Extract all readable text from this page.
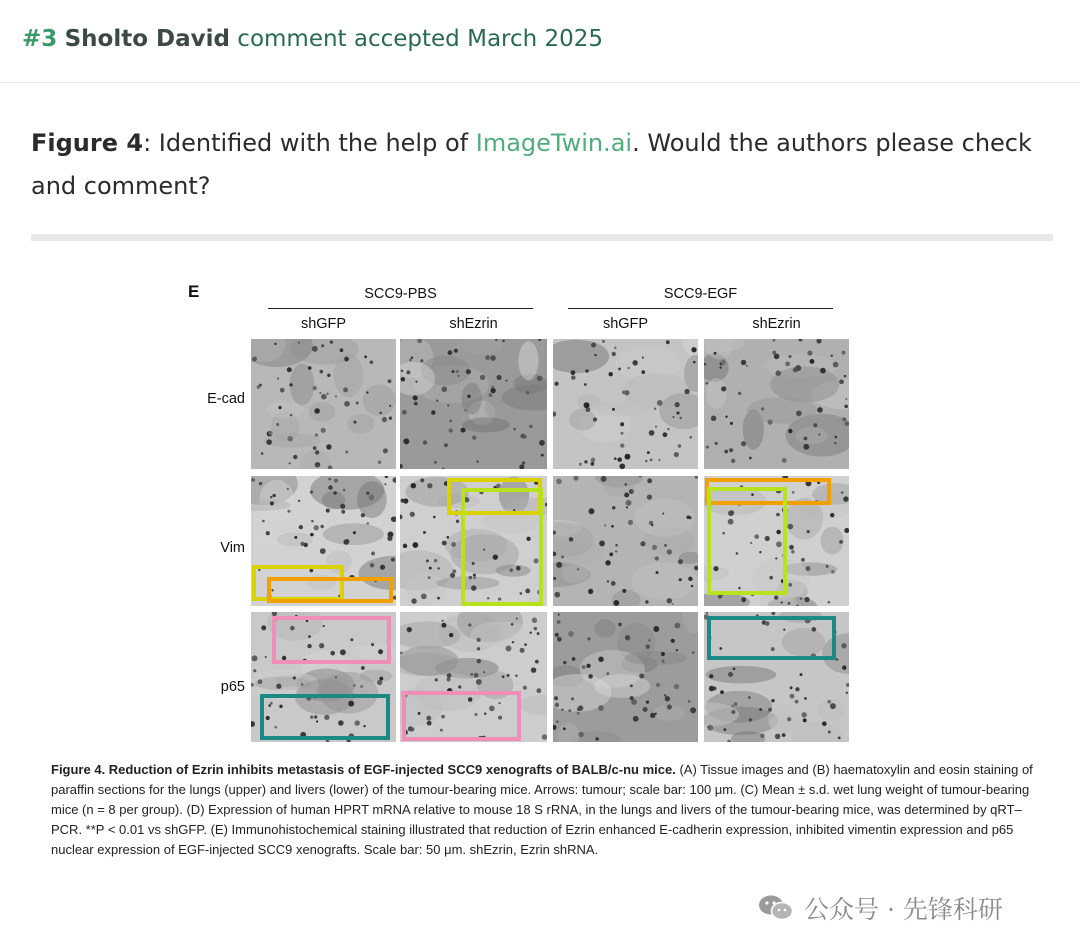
#3 Sholto David comment accepted March 2025
Figure 4: Identified with the help of ImageTwin.ai. Would the authors please check and comment?
E	SCC9-PBS	SCC9-EGF
shGFP	shEzrin	shGFP	shEzrin
E-cad
Vim
p65
Figure 4. Reduction of Ezrin inhibits metastasis of EGF-injected SCC9 xenografts of BALB/c-nu mice. (A) Tissue images and (B) haematoxylin and eosin staining of paraffin sections for the lungs (upper) and livers (lower) of the tumour-bearing mice. Arrows: tumour; scale bar: 100 μm. (C) Mean ± s.d. wet lung weight of tumour-bearing mice (n = 8 per group). (D) Expression of human HPRT mRNA relative to mouse 18 S rRNA, in the lungs and livers of the tumour-bearing mice, was determined by qRT–PCR. **P < 0.01 vs shGFP. (E) Immunohistochemical staining illustrated that reduction of Ezrin enhanced E-cadherin expression, inhibited vimentin expression and p65 nuclear expression of EGF-injected SCC9 xenografts. Scale bar: 50 μm. shEzrin, Ezrin shRNA.
公众号 · 先锋科研
